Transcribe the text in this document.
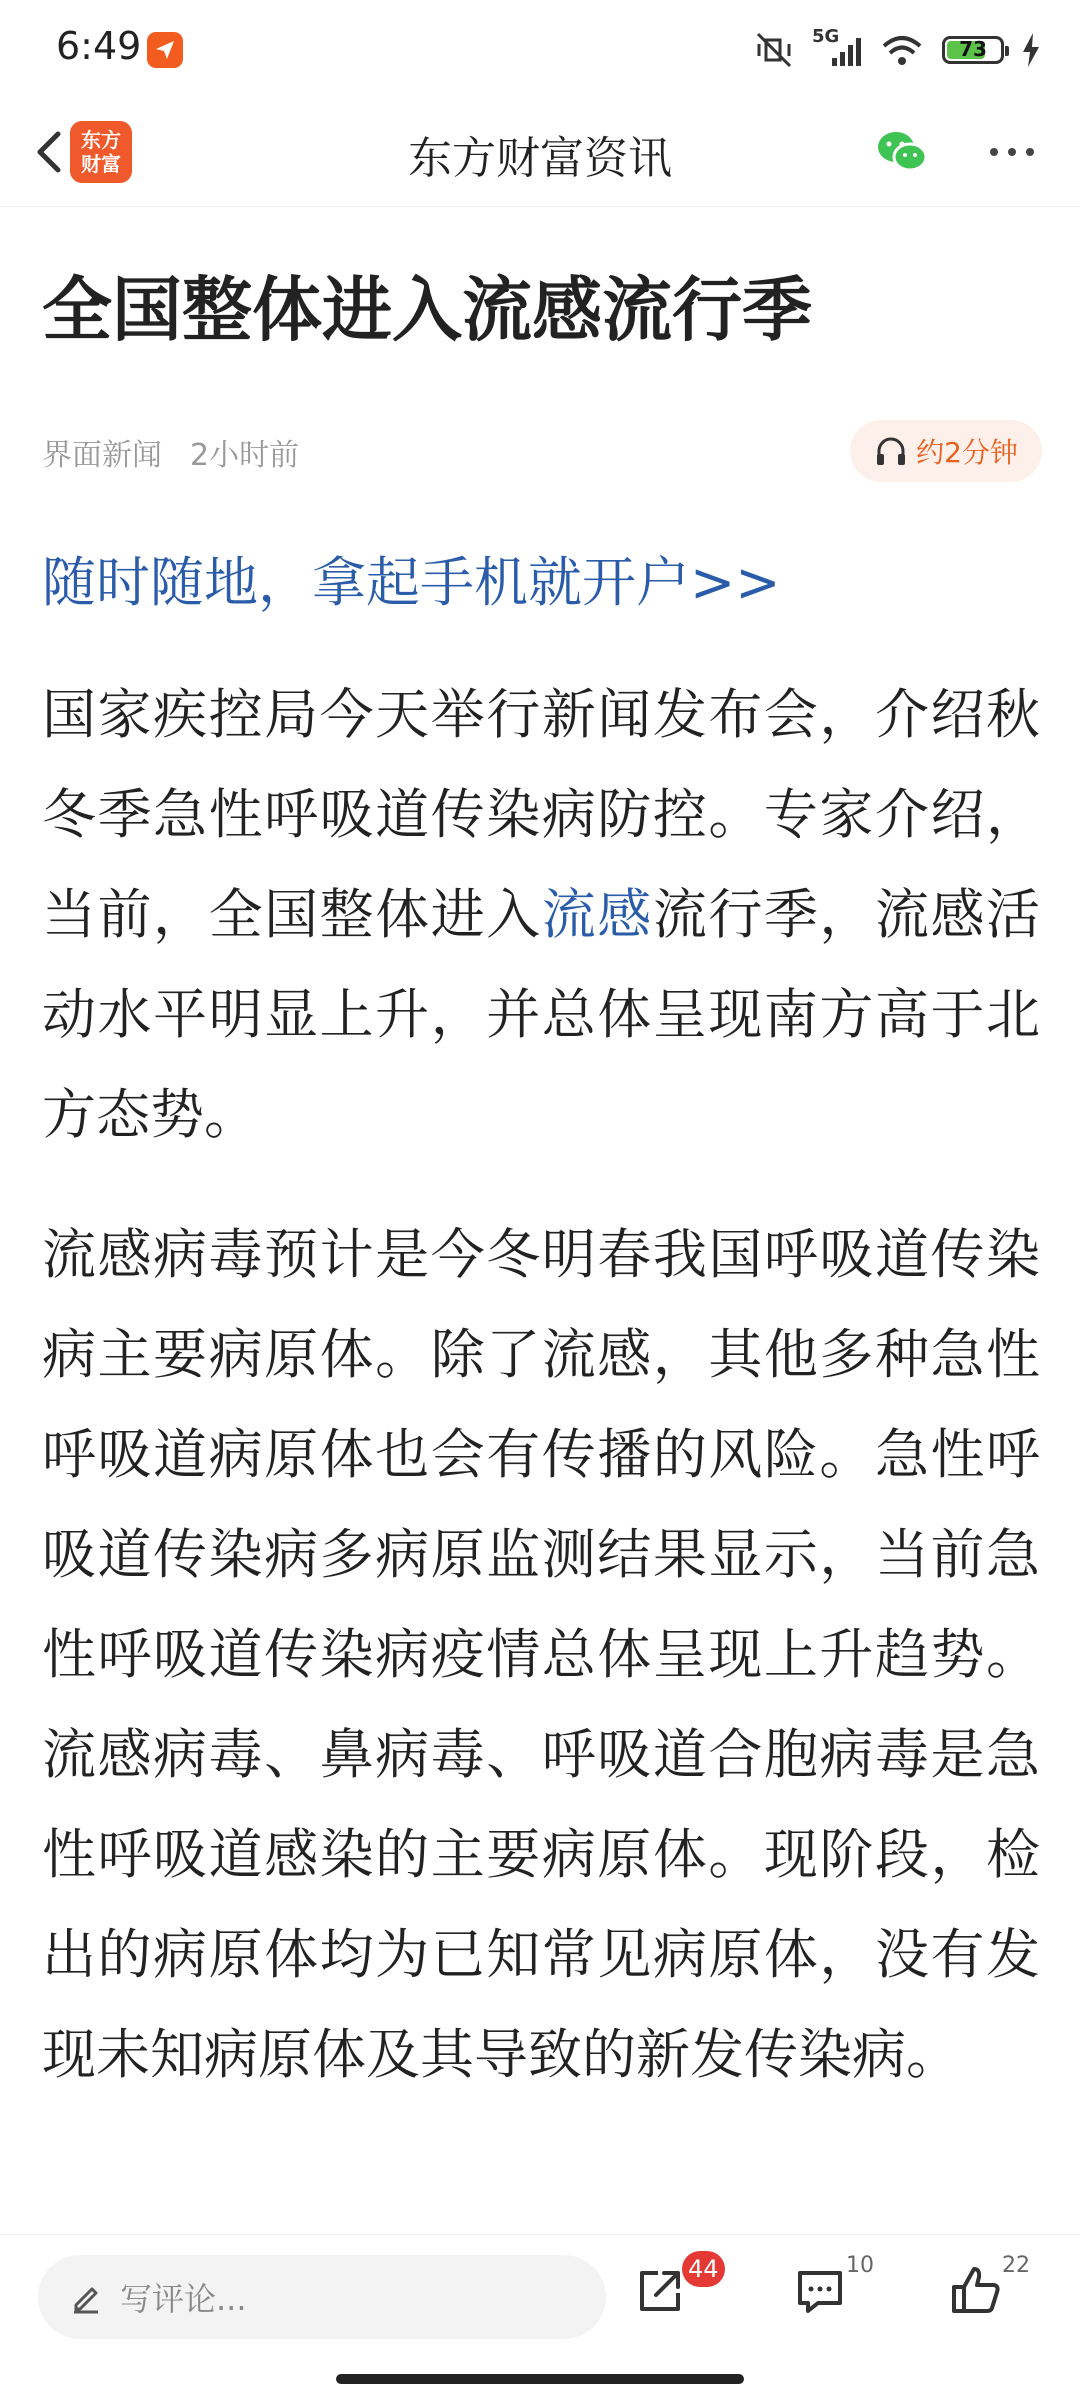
6:49	5G
73
东方
财富	东方财富资讯
全国整体进入流感流行季
界面新闻 2小时前	约2分钟
随时随地，拿起手机就开户>>

国家疾控局今天举行新闻发布会，介绍秋冬季急性呼吸道传染病防控。专家介绍，当前，全国整体进入流感流行季，流感活动水平明显上升，并总体呈现南方高于北方态势。

流感病毒预计是今冬明春我国呼吸道传染病主要病原体。除了流感，其他多种急性呼吸道病原体也会有传播的风险。急性呼吸道传染病多病原监测结果显示，当前急性呼吸道传染病疫情总体呈现上升趋势。流感病毒、鼻病毒、呼吸道合胞病毒是急性呼吸道感染的主要病原体。现阶段，检出的病原体均为已知常见病原体，没有发现未知病原体及其导致的新发传染病。

写评论...
44	10	22
